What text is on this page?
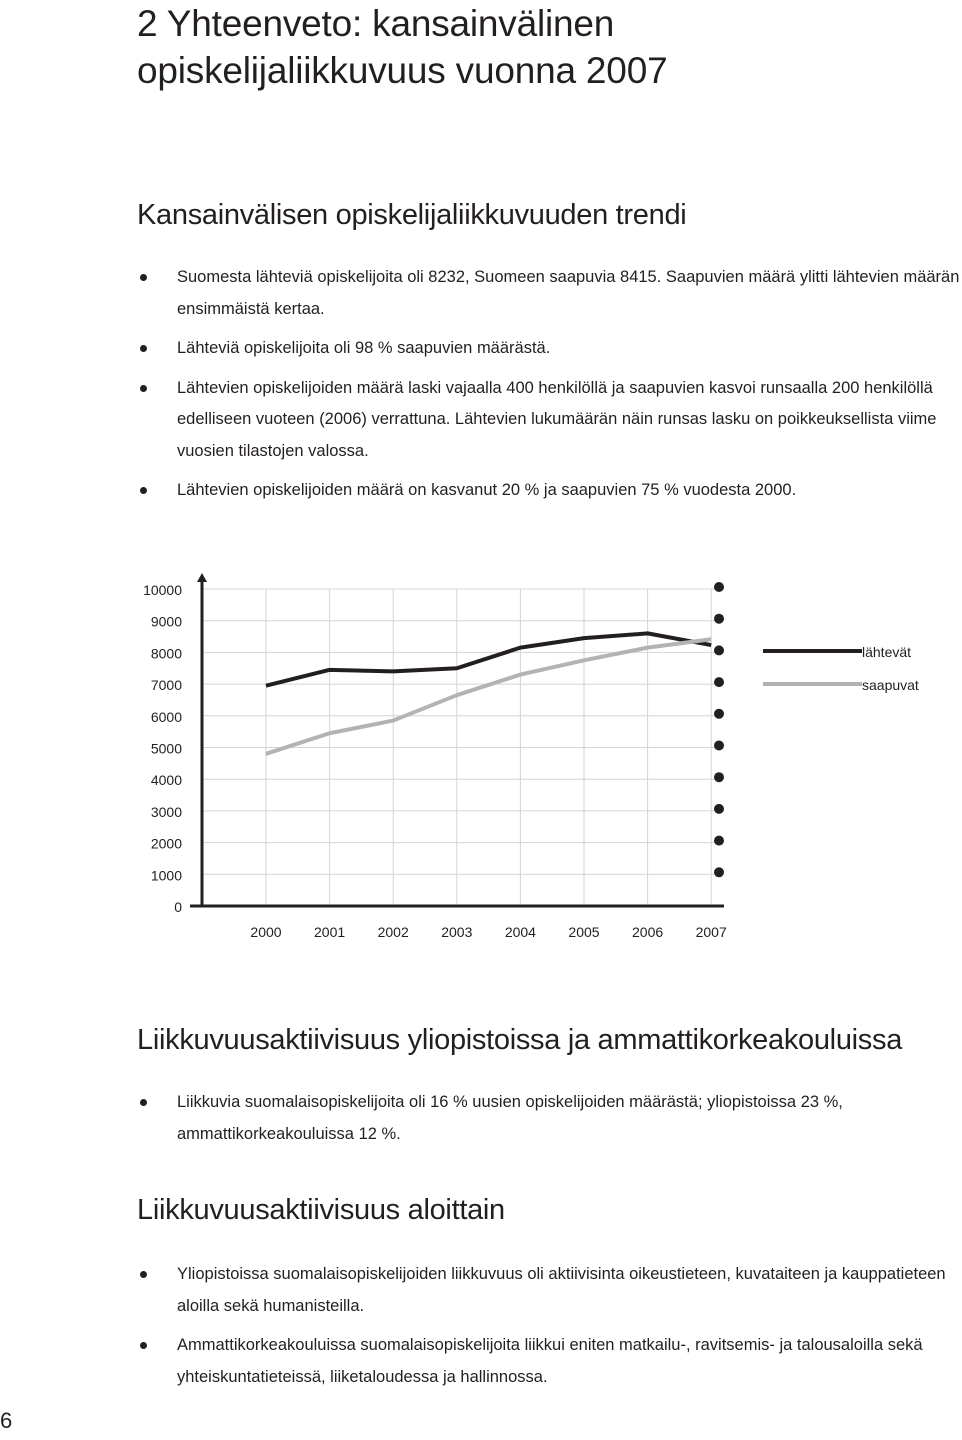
2 Yhteenveto: kansainvälinen
opiskelijaliikkuvuus vuonna 2007
Kansainvälisen opiskelijaliikkuvuuden trendi

Suomesta lähteviä opiskelijoita oli 8232, Suomeen saapuvia 8415. Saapuvien määrä ylitti lähtevien määrän ensimmäistä kertaa.

Lähteviä opiskelijoita oli 98 % saapuvien määrästä.

Lähtevien opiskelijoiden määrä laski vajaalla 400 henkilöllä ja saapuvien kasvoi runsaalla 200 henkilöllä edelliseen vuoteen (2006) verrattuna. Lähtevien lukumäärän näin runsas lasku on poikkeuksellista viime vuosien tilastojen valossa.

Lähtevien opiskelijoiden määrä on kasvanut 20 % ja saapuvien 75 % vuodesta 2000.

0
1000
2000
3000
4000
5000
6000
7000
8000
9000
10000
2000 2001 2002 2003 2004 2005 2006 2007
lähtevät
saapuvat
Liikkuvuusaktiivisuus yliopistoissa ja ammattikorkeakouluissa

Liikkuvia suomalaisopiskelijoita oli 16 % uusien opiskelijoiden määrästä; yliopistoissa 23 %, ammattikorkeakouluissa 12 %.

Liikkuvuusaktiivisuus aloittain

Yliopistoissa suomalaisopiskelijoiden liikkuvuus oli aktiivisinta oikeustieteen, kuvataiteen ja kauppatieteen aloilla sekä humanisteilla.

Ammattikorkeakouluissa suomalaisopiskelijoita liikkui eniten matkailu-, ravitsemis- ja talousaloilla sekä yhteiskuntatieteissä, liiketaloudessa ja hallinnossa.

6
